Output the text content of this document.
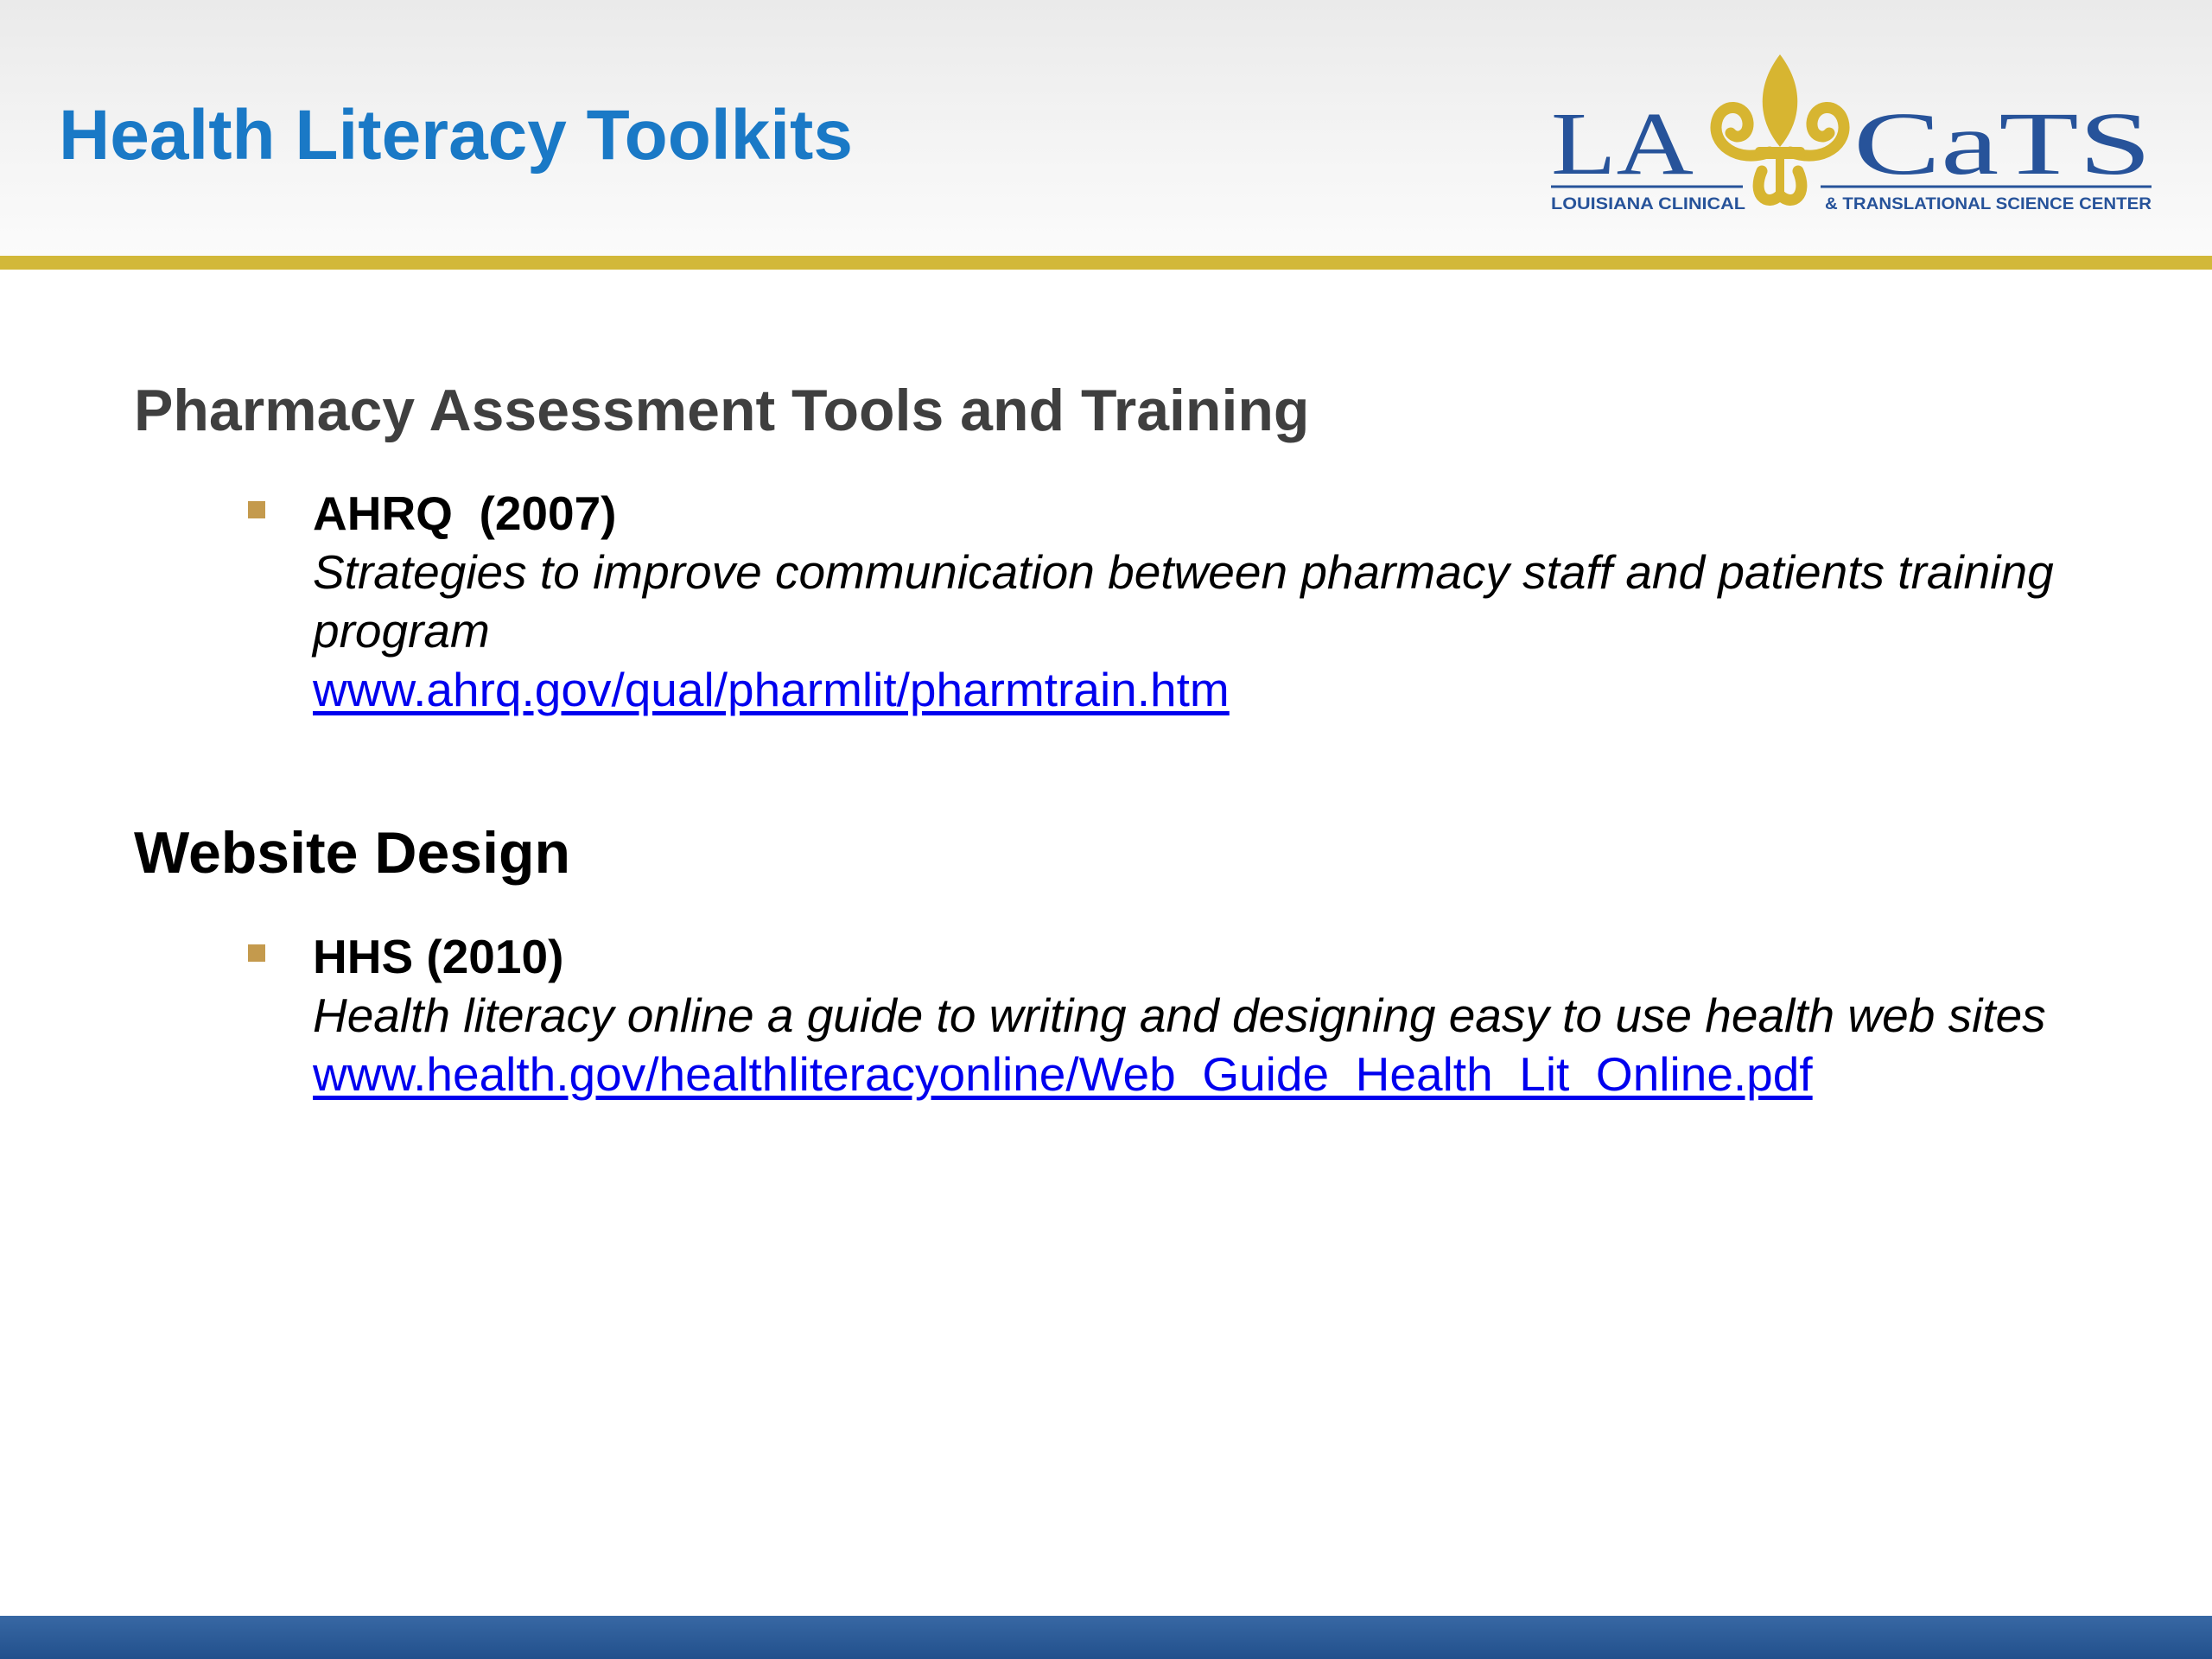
Health Literacy Toolkits	LA CaTS
LOUISIANA CLINICAL	& TRANSLATIONAL SCIENCE CENTER
Pharmacy Assessment Tools and Training
AHRQ  (2007)
Strategies to improve communication between pharmacy staff and patients training program
www.ahrq.gov/qual/pharmlit/pharmtrain.htm
Website Design
HHS (2010)
Health literacy online a guide to writing and designing easy to use health web sites
www.health.gov/healthliteracyonline/Web_Guide_Health_Lit_Online.pdf
